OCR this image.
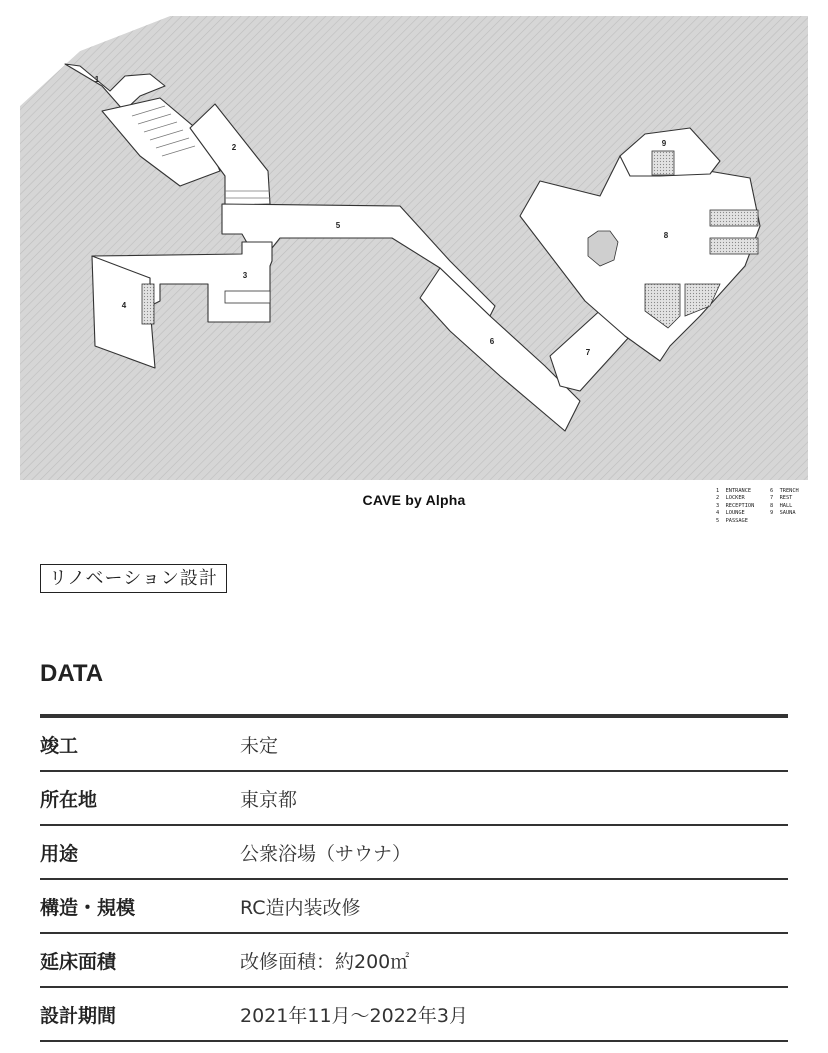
1
2
3
4
5
6
7
8
9
CAVE by Alpha
1 ENTRANCE	6 TRENCH
2 LOCKER	7 REST
3 RECEPTION	8 HALL
4 LOUNGE	9 SAUNA
5 PASSAGE
リノベーション設計
DATA
竣工	未定
所在地	東京都
用途	公衆浴場（サウナ）
構造・規模	RC造内装改修
延床面積	改修面積：約200㎡
設計期間	2021年11月〜2022年3月
